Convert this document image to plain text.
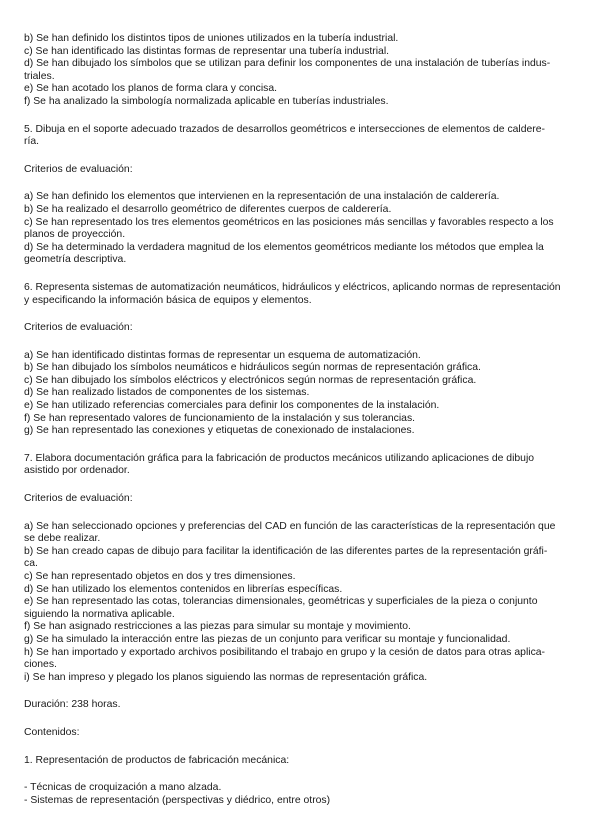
b) Se han definido los distintos tipos de uniones utilizados en la tubería industrial.

c) Se han identificado las distintas formas de representar una tubería industrial.

d) Se han dibujado los símbolos que se utilizan para definir los componentes de una instalación de tuberías indus-
triales.

e) Se han acotado los planos de forma clara y concisa.

f) Se ha analizado la simbología normalizada aplicable en tuberías industriales.

5. Dibuja en el soporte adecuado trazados de desarrollos geométricos e intersecciones de elementos de caldere-
ría.

Criterios de evaluación:

a) Se han definido los elementos que intervienen en la representación de una instalación de calderería.

b) Se ha realizado el desarrollo geométrico de diferentes cuerpos de calderería.

c) Se han representado los tres elementos geométricos en las posiciones más sencillas y favorables respecto a los
planos de proyección.

d) Se ha determinado la verdadera magnitud de los elementos geométricos mediante los métodos que emplea la
geometría descriptiva.

6. Representa sistemas de automatización neumáticos, hidráulicos y eléctricos, aplicando normas de representación
y especificando la información básica de equipos y elementos.

Criterios de evaluación:

a) Se han identificado distintas formas de representar un esquema de automatización.

b) Se han dibujado los símbolos neumáticos e hidráulicos según normas de representación gráfica.

c) Se han dibujado los símbolos eléctricos y electrónicos según normas de representación gráfica.

d) Se han realizado listados de componentes de los sistemas.

e) Se han utilizado referencias comerciales para definir los componentes de la instalación.

f) Se han representado valores de funcionamiento de la instalación y sus tolerancias.

g) Se han representado las conexiones y etiquetas de conexionado de instalaciones.

7. Elabora documentación gráfica para la fabricación de productos mecánicos utilizando aplicaciones de dibujo
asistido por ordenador.

Criterios de evaluación:

a) Se han seleccionado opciones y preferencias del CAD en función de las características de la representación que
se debe realizar.

b) Se han creado capas de dibujo para facilitar la identificación de las diferentes partes de la representación gráfi-
ca.

c) Se han representado objetos en dos y tres dimensiones.

d) Se han utilizado los elementos contenidos en librerías específicas.

e) Se han representado las cotas, tolerancias dimensionales, geométricas y superficiales de la pieza o conjunto
siguiendo la normativa aplicable.

f) Se han asignado restricciones a las piezas para simular su montaje y movimiento.

g) Se ha simulado la interacción entre las piezas de un conjunto para verificar su montaje y funcionalidad.

h) Se han importado y exportado archivos posibilitando el trabajo en grupo y la cesión de datos para otras aplica-
ciones.

i) Se han impreso y plegado los planos siguiendo las normas de representación gráfica.

Duración: 238 horas.

Contenidos:

1. Representación de productos de fabricación mecánica:

- Técnicas de croquización a mano alzada.

- Sistemas de representación (perspectivas y diédrico, entre otros)
